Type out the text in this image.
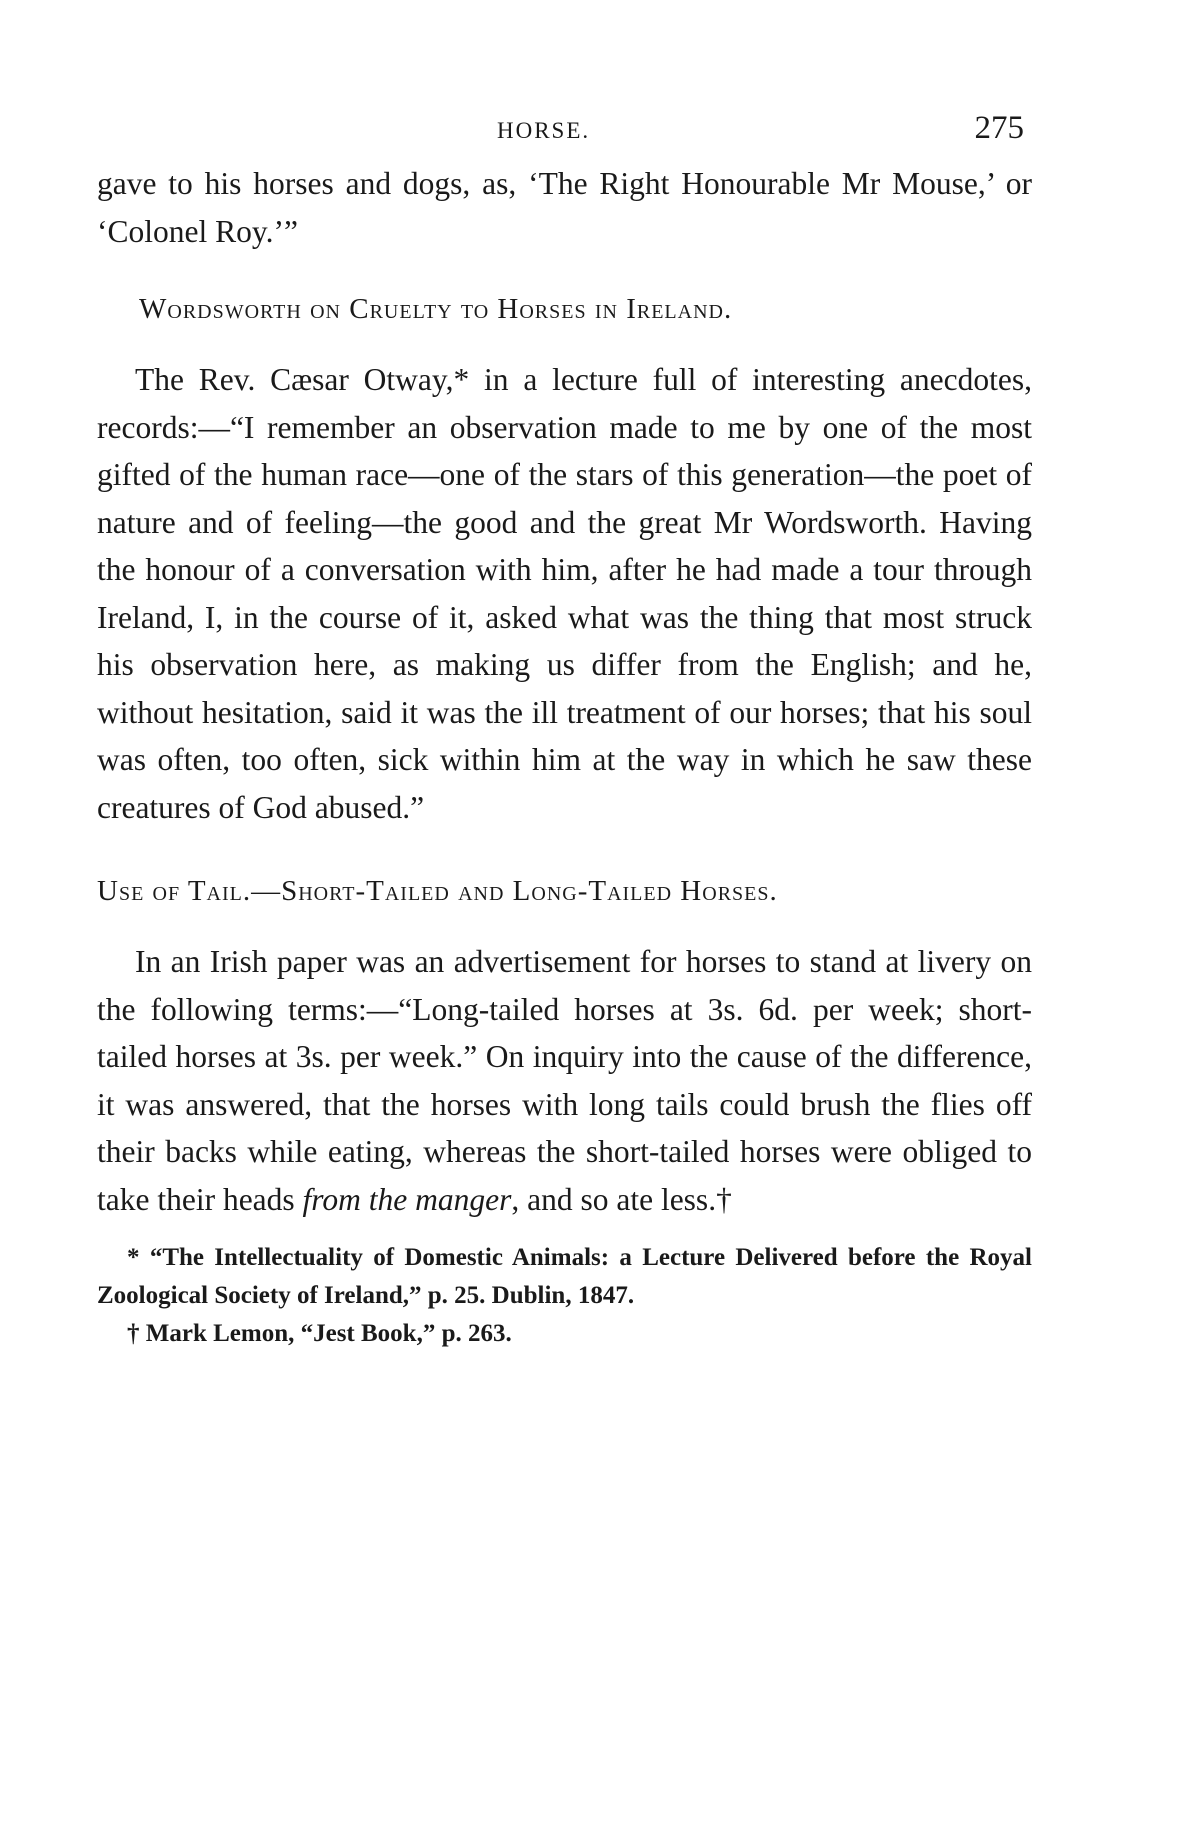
HORSE.	275

gave to his horses and dogs, as, ‘The Right Honourable Mr Mouse,’ or ‘Colonel Roy.’”

Wordsworth on Cruelty to Horses in Ireland.

The Rev. Cæsar Otway,* in a lecture full of interesting anecdotes, records:—“I remember an observation made to me by one of the most gifted of the human race—one of the stars of this generation—the poet of nature and of feeling—the good and the great Mr Wordsworth. Having the honour of a conversation with him, after he had made a tour through Ireland, I, in the course of it, asked what was the thing that most struck his observation here, as making us differ from the English; and he, without hesitation, said it was the ill treatment of our horses; that his soul was often, too often, sick within him at the way in which he saw these creatures of God abused.”

Use of Tail.—Short-Tailed and Long-Tailed Horses.

In an Irish paper was an advertisement for horses to stand at livery on the following terms:—“Long-tailed horses at 3s. 6d. per week; short-tailed horses at 3s. per week.” On inquiry into the cause of the difference, it was answered, that the horses with long tails could brush the flies off their backs while eating, whereas the short-tailed horses were obliged to take their heads from the manger, and so ate less.†

* “The Intellectuality of Domestic Animals: a Lecture Delivered before the Royal Zoological Society of Ireland,” p. 25. Dublin, 1847.

† Mark Lemon, “Jest Book,” p. 263.
